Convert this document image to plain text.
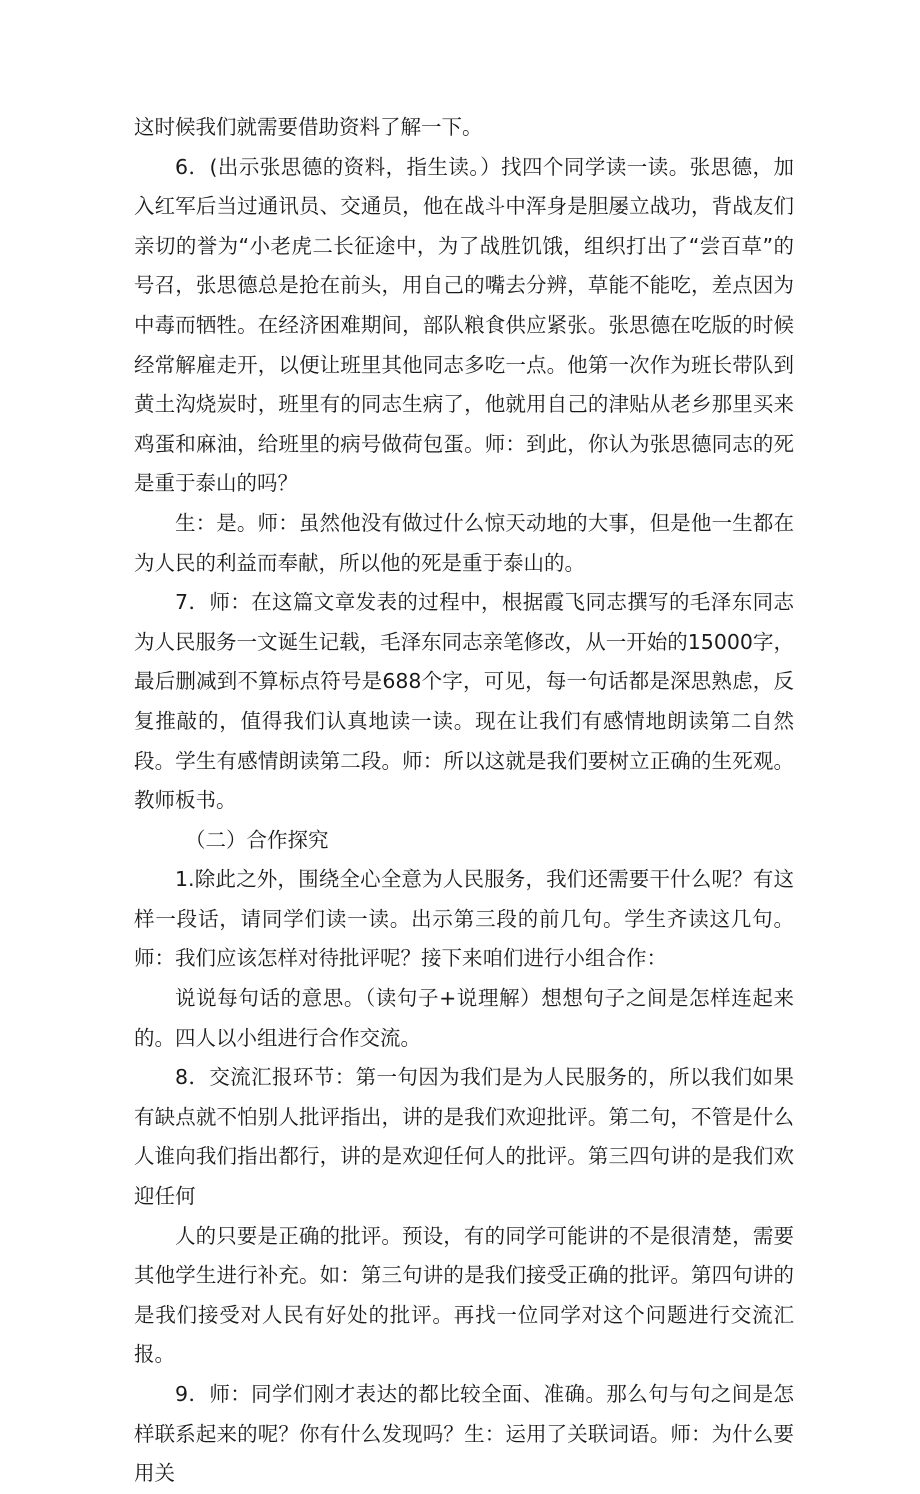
这时候我们就需要借助资料了解一下。

6．(出示张思德的资料，指生读。）找四个同学读一读。张思德，加入红军后当过通讯员、交通员，他在战斗中浑身是胆屡立战功，背战友们亲切的誉为“小老虎二长征途中，为了战胜饥饿，组织打出了“尝百草”的号召，张思德总是抢在前头，用自己的嘴去分辨，草能不能吃，差点因为中毒而牺牲。在经济困难期间，部队粮食供应紧张。张思德在吃版的时候经常解雇走开，以便让班里其他同志多吃一点。他第一次作为班长带队到黄土沟烧炭时，班里有的同志生病了，他就用自己的津贴从老乡那里买来鸡蛋和麻油，给班里的病号做荷包蛋。师：到此，你认为张思德同志的死是重于泰山的吗？

生：是。师：虽然他没有做过什么惊天动地的大事，但是他一生都在为人民的利益而奉献，所以他的死是重于泰山的。

7．师：在这篇文章发表的过程中，根据霞飞同志撰写的毛泽东同志为人民服务一文诞生记载，毛泽东同志亲笔修改，从一开始的15000字，最后删减到不算标点符号是688个字，可见，每一句话都是深思熟虑，反复推敲的，值得我们认真地读一读。现在让我们有感情地朗读第二自然段。学生有感情朗读第二段。师：所以这就是我们要树立正确的生死观。教师板书。

（二）合作探究

1.除此之外，围绕全心全意为人民服务，我们还需要干什么呢？有这样一段话，请同学们读一读。出示第三段的前几句。学生齐读这几句。师：我们应该怎样对待批评呢？接下来咱们进行小组合作：

说说每句话的意思。（读句子+说理解）想想句子之间是怎样连起来的。四人以小组进行合作交流。

8．交流汇报环节：第一句因为我们是为人民服务的，所以我们如果有缺点就不怕别人批评指出，讲的是我们欢迎批评。第二句，不管是什么人谁向我们指出都行，讲的是欢迎任何人的批评。第三四句讲的是我们欢迎任何

人的只要是正确的批评。预设，有的同学可能讲的不是很清楚，需要其他学生进行补充。如：第三句讲的是我们接受正确的批评。第四句讲的是我们接受对人民有好处的批评。再找一位同学对这个问题进行交流汇报。

9．师：同学们刚才表达的都比较全面、准确。那么句与句之间是怎样联系起来的呢？你有什么发现吗？生：运用了关联词语。师：为什么要用关
